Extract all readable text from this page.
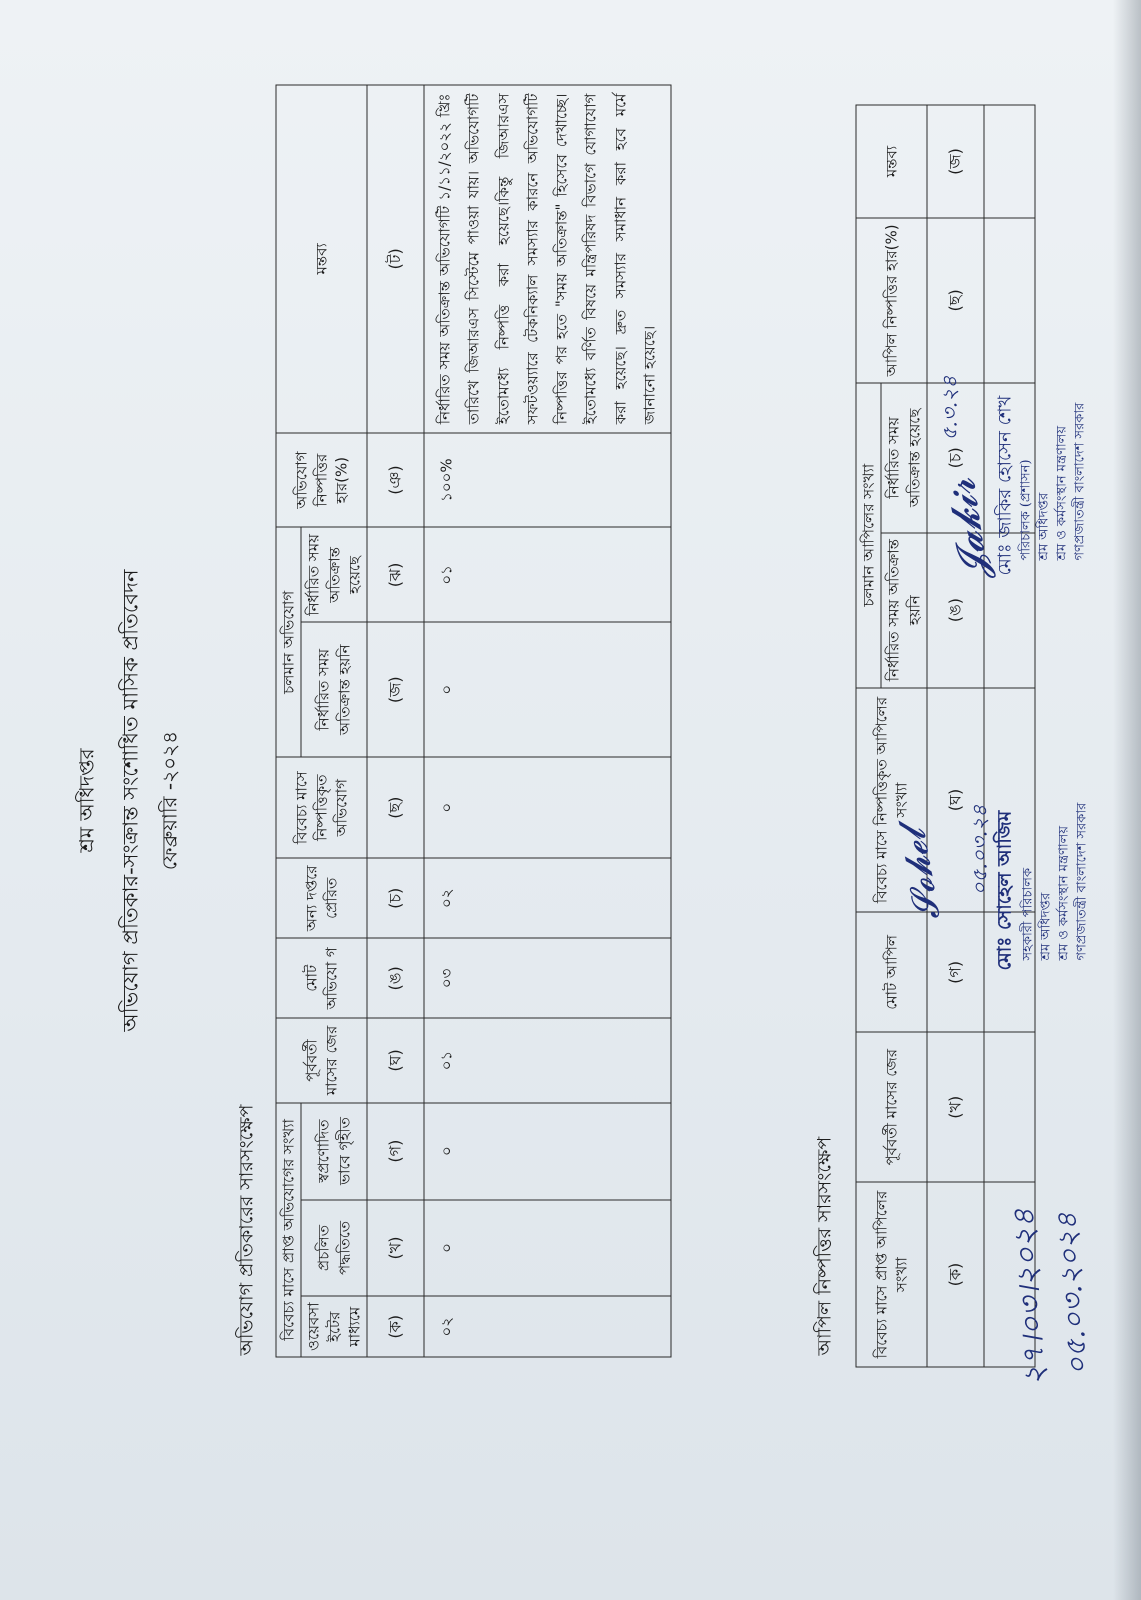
শ্রম অধিদপ্তর অভিযোগ প্রতিকার-সংক্রান্ত সংশোধিত মাসিক প্রতিবেদন ফেব্রুয়ারি -২০২৪
অভিযোগ প্রতিকারের সারসংক্ষেপ	বিবেচ্য মাসে প্রাপ্ত অভিযোগের সংখ্যা			পূর্ববর্তী মাসের জের	মোট অভিযো গ	অন্য দপ্তরে প্রেরিত	বিবেচ্য মাসে নিষ্পত্তিকৃত অভিযোগ	চলমান অভিযোগ		অভিযোগ নিষ্পত্তির হার(%)	মন্তব্য
ওয়েবসা ইটের মাধ্যমে	প্রচলিত পদ্ধতিতে	স্বপ্রণোদিত ভাবে গৃহীত					নির্ধারিত সময় অতিক্রান্ত হয়নি	নির্ধারিত সময় অতিক্রান্ত হয়েছে		
(ক)	(খ)	(গ)	(ঘ)	(ঙ)	(চ)	(ছ)	(জ)	(ঝ)	(ঞ)	(ট)
০২	০	০	০১	০৩	০২	০	০	০১	১০০%	নির্ধারিত সময় অতিক্রান্ত অভিযোগটি ১/১১/২০২২ খ্রিঃ তারিখে জিআরএস সিস্টেমে পাওয়া যায়। অভিযোগটি ইতোমধ্যে নিষ্পত্তি করা হয়েছে।কিন্তু জিআরএস সফটওয়্যারে টেকনিক্যাল সমস্যার কারনে অভিযোগটি নিষ্পত্তির পর হতে "সময় অতিক্রান্ত" হিসেবে দেখাচ্ছে। ইতোমধ্যে বর্ণিত বিষয়ে মন্ত্রিপরিষদ বিভাগে যোগাযোগ করা হয়েছে। দ্রুত সমস্যার সমাধান করা হবে মর্মে জানানো হয়েছে।
আপিল নিষ্পত্তির সারসংক্ষেপ	বিবেচ্য মাসে প্রাপ্ত আপিলের সংখ্যা	পূর্ববর্তী মাসের জের	মোট আপিল	বিবেচ্য মাসে নিষ্পত্তিকৃত আপিলের সংখ্যা	চলমান আপিলের সংখ্যা		আপিল নিষ্পত্তির হার(%)	মন্তব্য
				নির্ধারিত সময় অতিক্রান্ত হয়নি	নির্ধারিত সময় অতিক্রান্ত হয়েছে		
(ক)	(খ)	(গ)	(ঘ)	(ঙ)	(চ)	(ছ)	(জ)

২৭।০৩।২০২৪
০৫.০৩.২০২৪
𝓢𝓸𝓱𝓮𝓵 ০৫.০৩.২৪ মোঃ সোহেল আজিম সহকারী পরিচালক শ্রম অধিদপ্তর শ্রম ও কর্মসংস্থান মন্ত্রণালয় গণপ্রজাতন্ত্রী বাংলাদেশ সরকার
𝓙𝓪𝓴𝓲𝓻
৫.৩.২৪	মোঃ জাকির হোসেন শেখ পরিচালক (প্রশাসন) শ্রম অধিদপ্তর শ্রম ও কর্মসংস্থান মন্ত্রণালয় গণপ্রজাতন্ত্রী বাংলাদেশ সরকার
